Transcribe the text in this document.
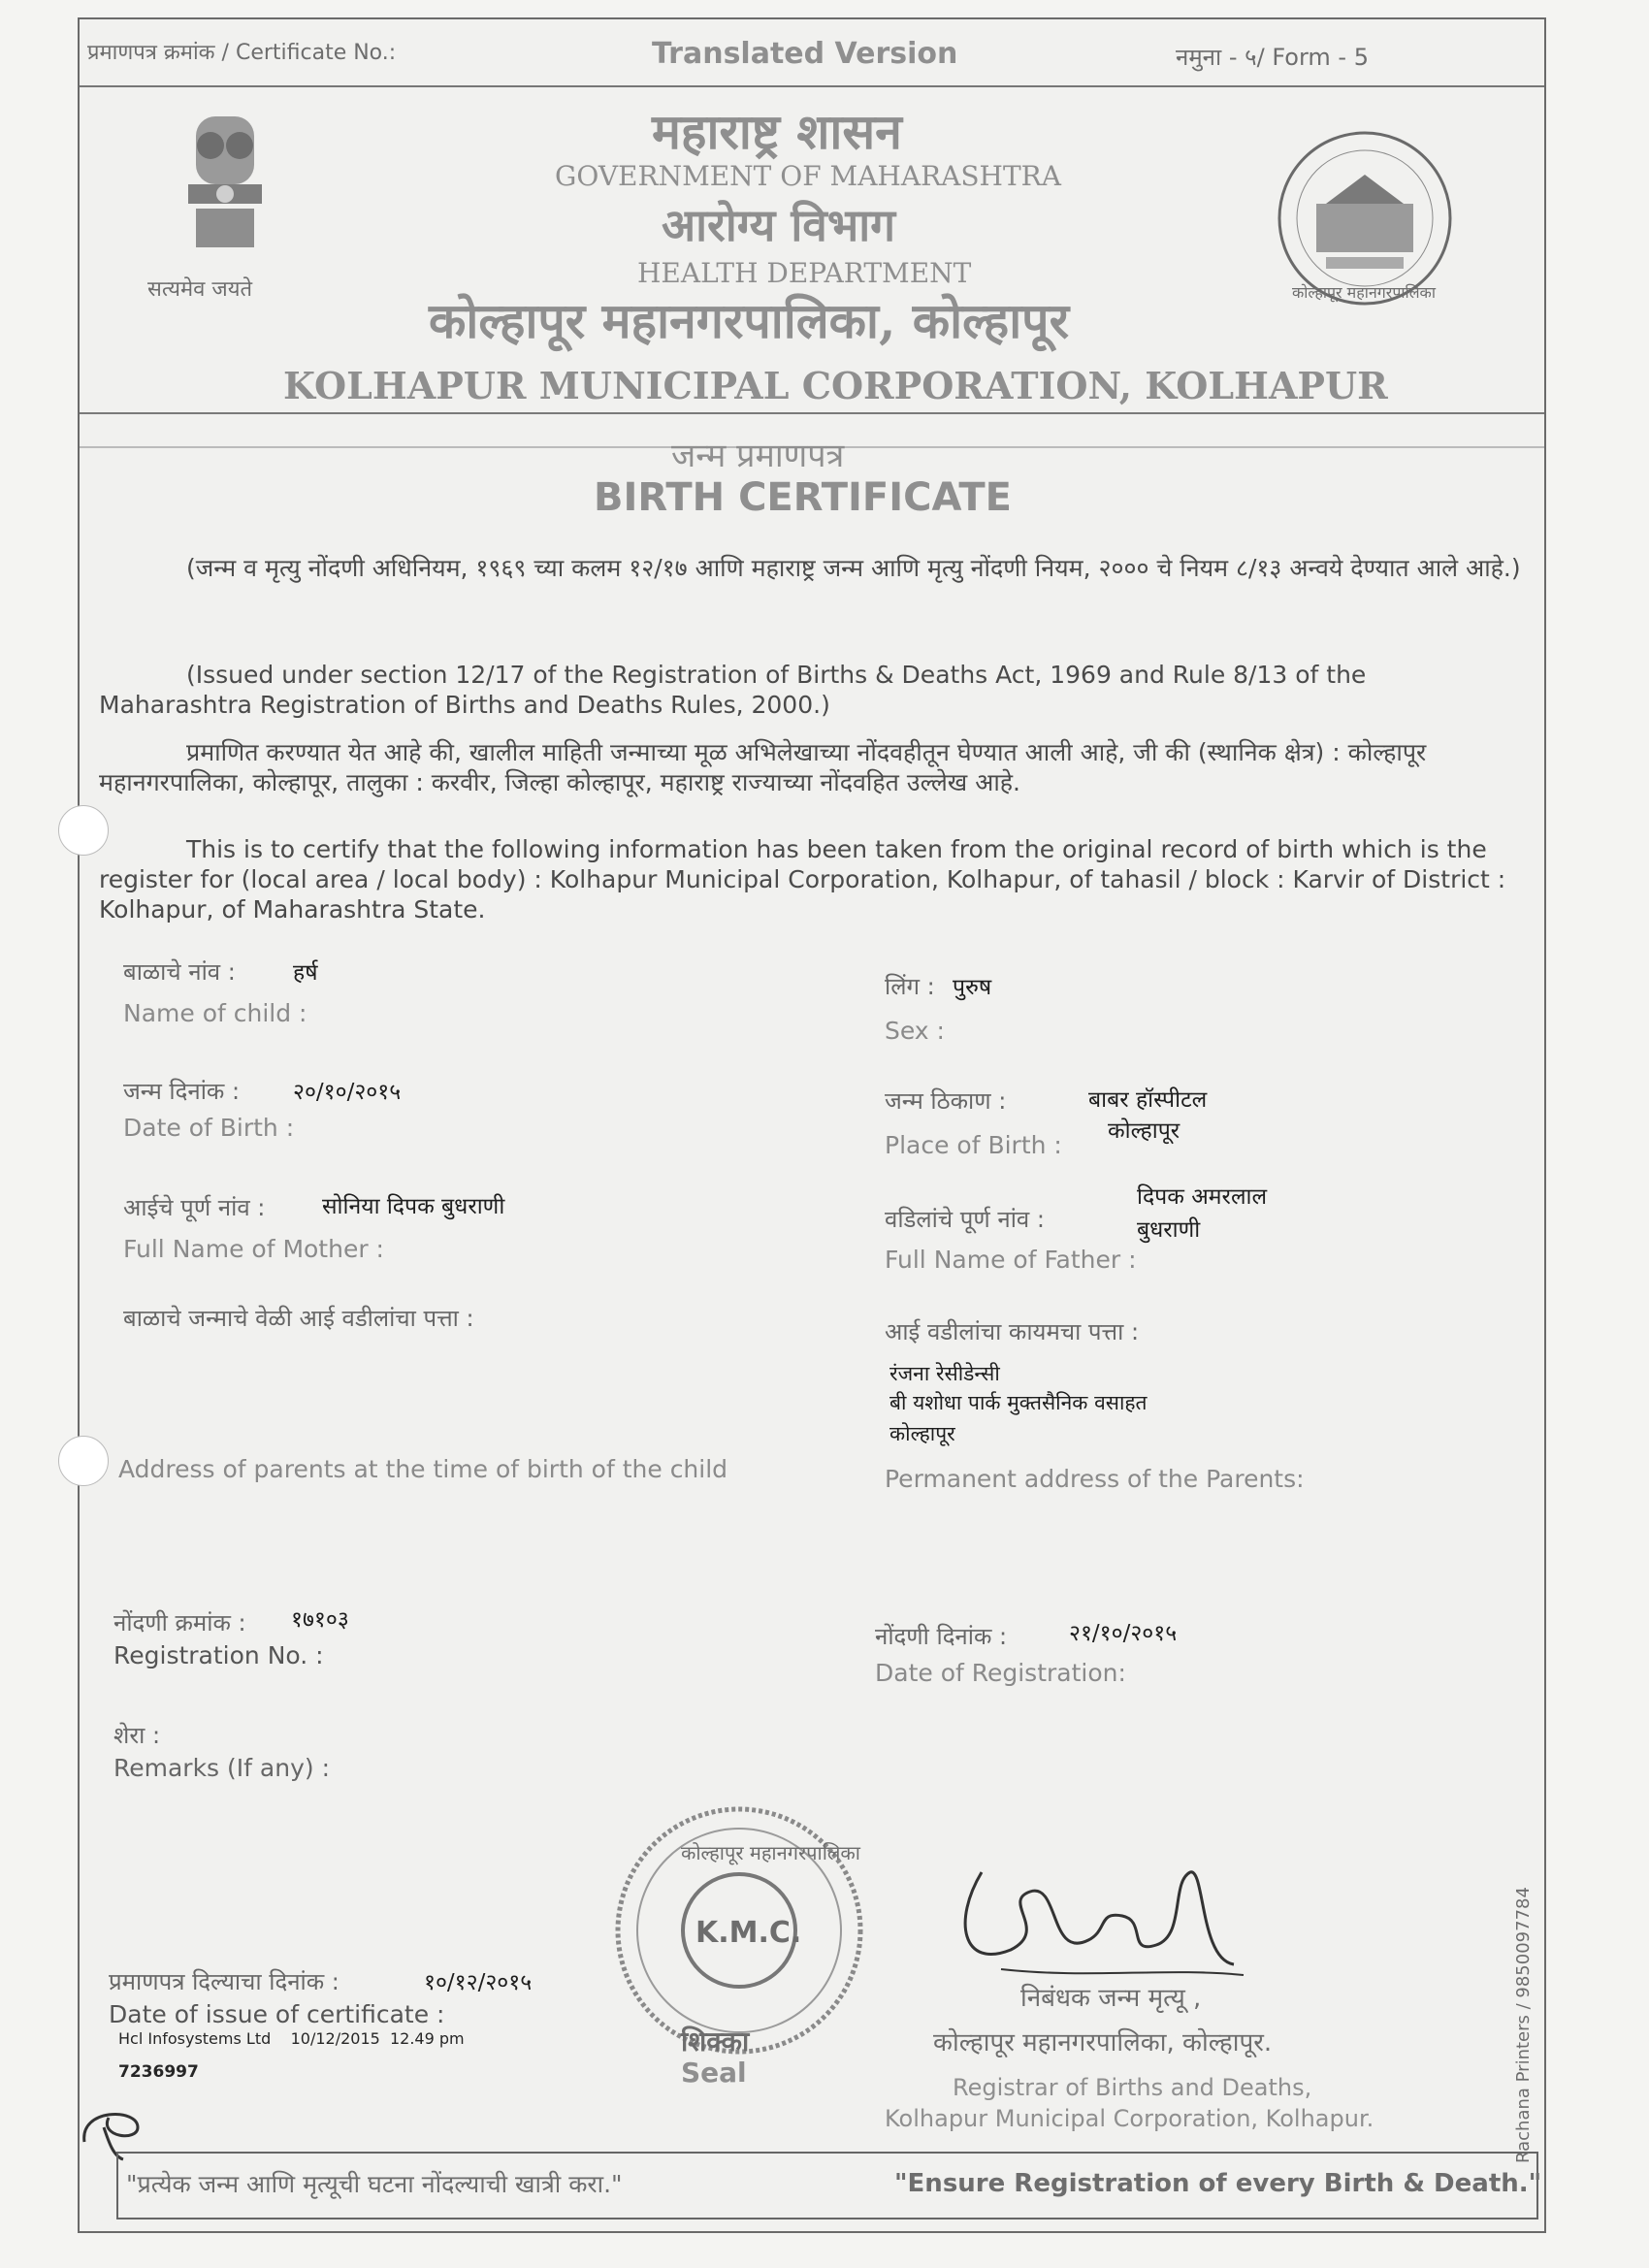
प्रमाणपत्र क्रमांक / Certificate No.:	Translated Version	नमुना - ५/ Form - 5
सत्यमेव जयते	कोल्हापूर महानगरपालिका
महाराष्ट्र शासन
GOVERNMENT OF MAHARASHTRA
आरोग्य विभाग
HEALTH DEPARTMENT
कोल्हापूर महानगरपालिका, कोल्हापूर
KOLHAPUR MUNICIPAL CORPORATION, KOLHAPUR
जन्म प्रमाणपत्र
BIRTH CERTIFICATE
(जन्म व मृत्यु नोंदणी अधिनियम, १९६९ च्या कलम १२/१७ आणि महाराष्ट्र जन्म आणि मृत्यु नोंदणी नियम, २००० चे नियम ८/१३ अन्वये देण्यात आले आहे.)
(Issued under section 12/17 of the Registration of Births & Deaths Act, 1969 and Rule 8/13 of the Maharashtra Registration of Births and Deaths Rules, 2000.)
प्रमाणित करण्यात येत आहे की, खालील माहिती जन्माच्या मूळ अभिलेखाच्या नोंदवहीतून घेण्यात आली आहे, जी की (स्थानिक क्षेत्र) : कोल्हापूर महानगरपालिका, कोल्हापूर, तालुका : करवीर, जिल्हा कोल्हापूर, महाराष्ट्र राज्याच्या नोंदवहित उल्लेख आहे.
This is to certify that the following information has been taken from the original record of birth which is the register for (local area / local body) : Kolhapur Municipal Corporation, Kolhapur, of tahasil / block : Karvir of District : Kolhapur, of Maharashtra State.
बाळाचे नांव :	हर्ष
Name of child :
लिंग : पुरुष
Sex :
जन्म दिनांक : २०/१०/२०१५
Date of Birth :
जन्म ठिकाण :	बाबर हॉस्पीटल
कोल्हापूर
Place of Birth :
आईचे पूर्ण नांव :	सोनिया दिपक बुधराणी
Full Name of Mother :
वडिलांचे पूर्ण नांव :
दिपक अमरलाल
बुधराणी
Full Name of Father :
बाळाचे जन्माचे वेळी आई वडीलांचा पत्ता :	आई वडीलांचा कायमचा पत्ता :
रंजना रेसीडेन्सी
बी यशोधा पार्क मुक्तसैनिक वसाहत
कोल्हापूर
Address of parents at the time of birth of the child	Permanent address of the Parents:
नोंदणी क्रमांक : १७१०३
Registration No. :
नोंदणी दिनांक :	२१/१०/२०१५
Date of Registration:
शेरा :
Remarks (If any) :
कोल्हापूर महानगरपालिका
K.M.C.
शिक्का
Seal
निबंधक जन्म मृत्यू ,
कोल्हापूर महानगरपालिका, कोल्हापूर.
Registrar of Births and Deaths,
Kolhapur Municipal Corporation, Kolhapur.
प्रमाणपत्र दिल्याचा दिनांक :	१०/१२/२०१५
Date of issue of certificate :
Hcl Infosystems Ltd    10/12/2015  12.49 pm
7236997
"प्रत्येक जन्म आणि मृत्यूची घटना नोंदल्याची खात्री करा."	"Ensure Registration of every Birth & Death."
Rachana Printers / 9850097784
